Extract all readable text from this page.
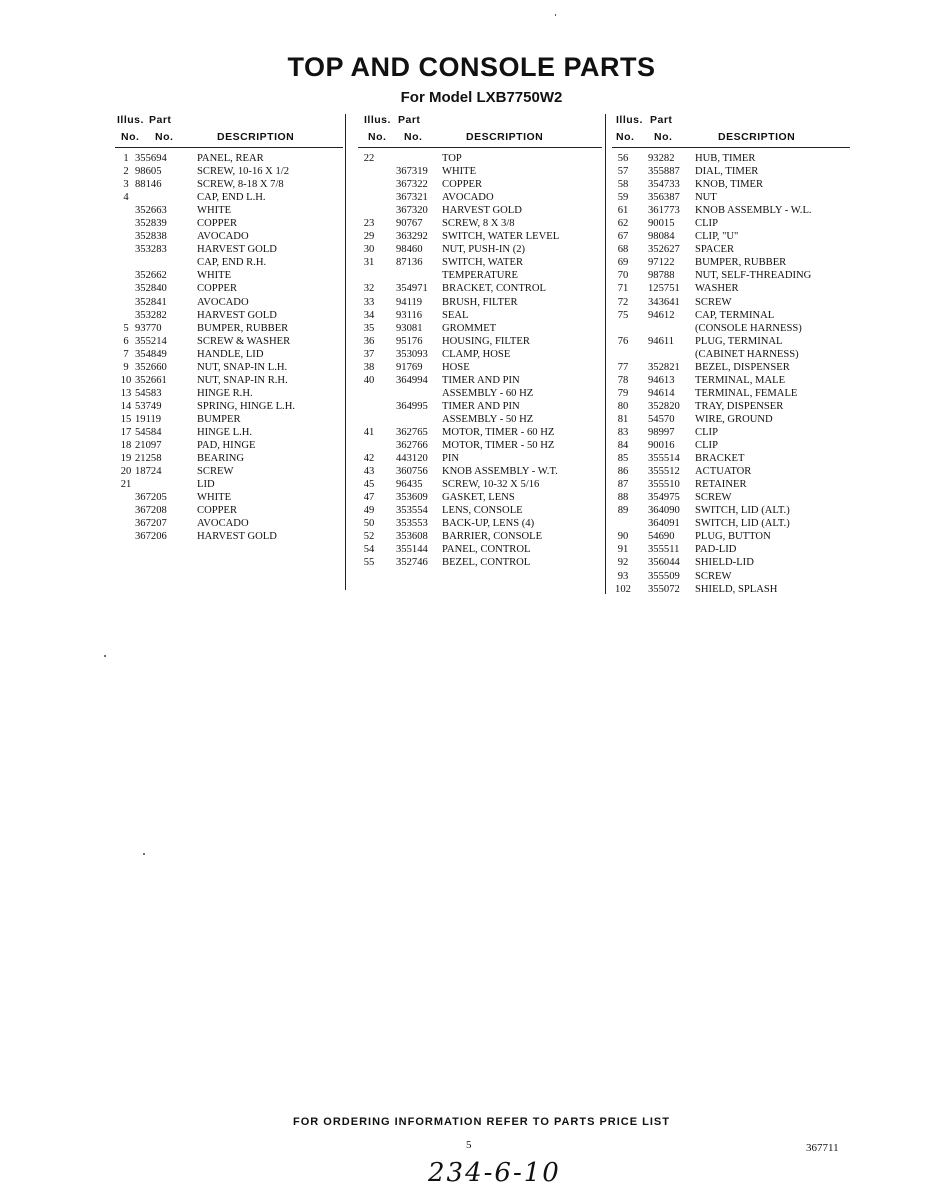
TOP AND CONSOLE PARTS
For Model LXB7750W2
Illus. Part
No. No.	DESCRIPTION
1 355694	PANEL, REAR
2 98605	SCREW, 10-16 X 1/2
3 88146	SCREW, 8-18 X 7/8
4	CAP, END L.H.
352663	WHITE
352839	COPPER
352838	AVOCADO
353283	HARVEST GOLD
CAP, END R.H.
352662	WHITE
352840	COPPER
352841	AVOCADO
353282	HARVEST GOLD
5 93770	BUMPER, RUBBER
6 355214	SCREW & WASHER
7 354849	HANDLE, LID
9 352660	NUT, SNAP-IN L.H.
10 352661	NUT, SNAP-IN R.H.
13 54583	HINGE R.H.
14 53749	SPRING, HINGE L.H.
15 19119	BUMPER
17 54584	HINGE L.H.
18 21097	PAD, HINGE
19 21258	BEARING
20 18724	SCREW
21	LID
367205	WHITE
367208	COPPER
367207	AVOCADO
367206	HARVEST GOLD
Illus. Part
No. No.	DESCRIPTION
22	TOP
367319 WHITE
367322 COPPER
367321 AVOCADO
367320 HARVEST GOLD
23	90767 SCREW, 8 X 3/8
29	363292 SWITCH, WATER LEVEL
30	98460 NUT, PUSH-IN (2)
31	87136 SWITCH, WATER
TEMPERATURE
32	354971 BRACKET, CONTROL
33	94119 BRUSH, FILTER
34	93116 SEAL
35	93081 GROMMET
36	95176 HOUSING, FILTER
37	353093 CLAMP, HOSE
38	91769 HOSE
40	364994 TIMER AND PIN
ASSEMBLY - 60 HZ
364995 TIMER AND PIN
ASSEMBLY - 50 HZ
41	362765 MOTOR, TIMER - 60 HZ
362766 MOTOR, TIMER - 50 HZ
42	443120 PIN
43	360756 KNOB ASSEMBLY - W.T.
45	96435 SCREW, 10-32 X 5/16
47	353609 GASKET, LENS
49	353554 LENS, CONSOLE
50	353553 BACK-UP, LENS (4)
52	353608 BARRIER, CONSOLE
54	355144 PANEL, CONTROL
55	352746 BEZEL, CONTROL
Illus. Part
No. No.	DESCRIPTION
56	93282 HUB, TIMER
57	355887 DIAL, TIMER
58	354733 KNOB, TIMER
59	356387 NUT
61	361773 KNOB ASSEMBLY - W.L.
62	90015 CLIP
67	98084 CLIP, "U"
68	352627 SPACER
69	97122 BUMPER, RUBBER
70	98788 NUT, SELF-THREADING
71	125751 WASHER
72	343641 SCREW
75	94612 CAP, TERMINAL
(CONSOLE HARNESS)
76	94611 PLUG, TERMINAL
(CABINET HARNESS)
77	352821 BEZEL, DISPENSER
78	94613 TERMINAL, MALE
79	94614 TERMINAL, FEMALE
80	352820 TRAY, DISPENSER
81	54570 WIRE, GROUND
83	98997 CLIP
84	90016 CLIP
85	355514 BRACKET
86	355512 ACTUATOR
87	355510 RETAINER
88	354975 SCREW
89	364090 SWITCH, LID (ALT.)
364091 SWITCH, LID (ALT.)
90	54690 PLUG, BUTTON
91	355511 PAD-LID
92	356044 SHIELD-LID
93	355509 SCREW
102 355072 SHIELD, SPLASH
FOR ORDERING INFORMATION REFER TO PARTS PRICE LIST
5	367711
234-6-10
